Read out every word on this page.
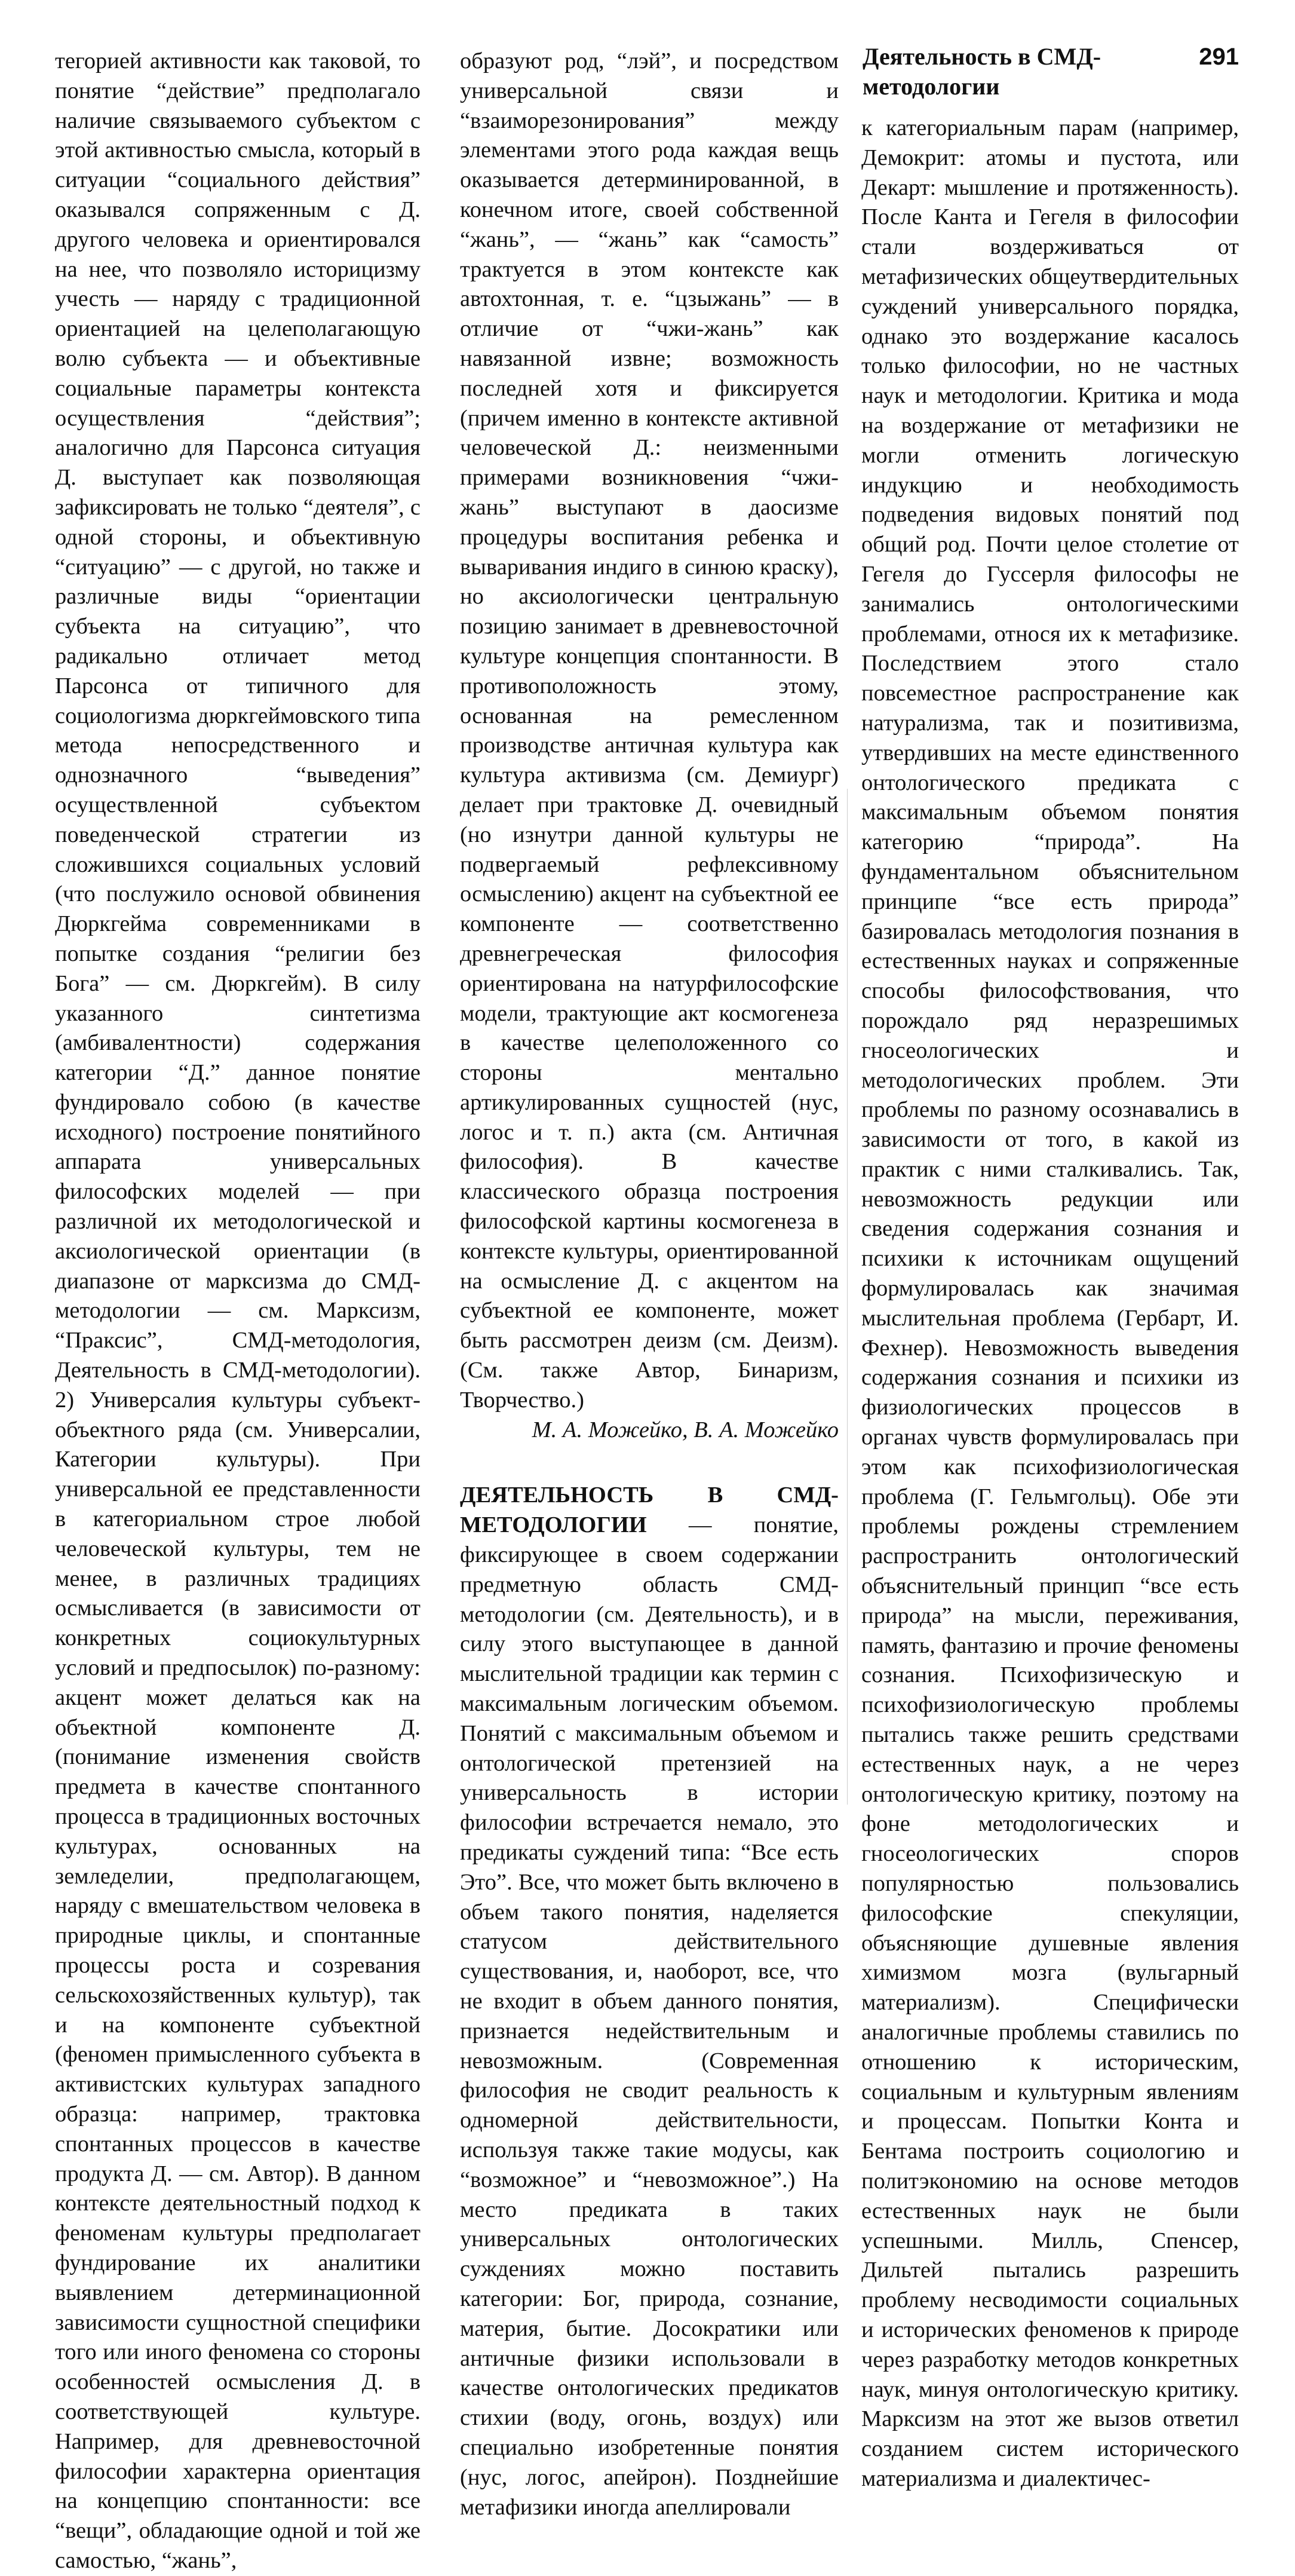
Деятельность в СМД-методологии
291

тегорией активности как таковой, то понятие “действие” предполагало наличие связываемого субъектом с этой активностью смысла, который в ситуации “социального действия” оказывался сопряженным с Д. другого человека и ориентировался на нее, что позволяло историцизму учесть — наряду с традиционной ориентацией на целеполагающую волю субъекта — и объективные социальные параметры контекста осуществления “действия”; аналогично для Парсонса ситуация Д. выступает как позволяющая зафиксировать не только “деятеля”, с одной стороны, и объективную “ситуацию” — с другой, но также и различные виды “ориентации субъекта на ситуацию”, что радикально отличает метод Парсонса от типичного для социологизма дюркгеймовского типа метода непосредственного и однозначного “выведения” осуществленной субъектом поведенческой стратегии из сложившихся социальных условий (что послужило основой обвинения Дюркгейма современниками в попытке создания “религии без Бога” — см. Дюркгейм). В силу указанного синтетизма (амбивалентности) содержания категории “Д.” данное понятие фундировало собою (в качестве исходного) построение понятийного аппарата универсальных философских моделей — при различной их методологической и аксиологической ориентации (в диапазоне от марксизма до СМД-методологии — см. Марксизм, “Праксис”, СМД-методология, Деятельность в СМД-методологии). 2) Универсалия культуры субъект-объектного ряда (см. Универсалии, Категории культуры). При универсальной ее представленности в категориальном строе любой человеческой культуры, тем не менее, в различных традициях осмысливается (в зависимости от конкретных социокультурных условий и предпосылок) по-разному: акцент может делаться как на объектной компоненте Д. (понимание изменения свойств предмета в качестве спонтанного процесса в традиционных восточных культурах, основанных на земледелии, предполагающем, наряду с вмешательством человека в природные циклы, и спонтанные процессы роста и созревания сельскохозяйственных культур), так и на компоненте субъектной (феномен примысленного субъекта в активистских культурах западного образца: например, трактовка спонтанных процессов в качестве продукта Д. — см. Автор). В данном контексте деятельностный подход к феноменам культуры предполагает фундирование их аналитики выявлением детерминационной зависимости сущностной специфики того или иного феномена со стороны особенностей осмысления Д. в соответствующей культуре. Например, для древневосточной философии характерна ориентация на концепцию спонтанности: все “вещи”, обладающие одной и той же самостью, “жань”,

образуют род, “лэй”, и посредством универсальной связи и “взаиморезонирования” между элементами этого рода каждая вещь оказывается детерминированной, в конечном итоге, своей собственной “жань”, — “жань” как “самость” трактуется в этом контексте как автохтонная, т. е. “цзыжань” — в отличие от “чжи-жань” как навязанной извне; возможность последней хотя и фиксируется (причем именно в контексте активной человеческой Д.: неизменными примерами возникновения “чжи-жань” выступают в даосизме процедуры воспитания ребенка и вываривания индиго в синюю краску), но аксиологически центральную позицию занимает в древневосточной культуре концепция спонтанности. В противоположность этому, основанная на ремесленном производстве античная культура как культура активизма (см. Демиург) делает при трактовке Д. очевидный (но изнутри данной культуры не подвергаемый рефлексивному осмыслению) акцент на субъектной ее компоненте — соответственно древнегреческая философия ориентирована на натурфилософские модели, трактующие акт космогенеза в качестве целеположенного со стороны ментально артикулированных сущностей (нус, логос и т. п.) акта (см. Античная философия). В качестве классического образца построения философской картины космогенеза в контексте культуры, ориентированной на осмысление Д. с акцентом на субъектной ее компоненте, может быть рассмотрен деизм (см. Деизм). (См. также Автор, Бинаризм, Творчество.)

М. А. Можейко, В. А. Можейко

ДЕЯТЕЛЬНОСТЬ В СМД-МЕТОДОЛОГИИ — понятие, фиксирующее в своем содержании предметную область СМД-методологии (см. Деятельность), и в силу этого выступающее в данной мыслительной традиции как термин с максимальным логическим объемом. Понятий с максимальным объемом и онтологической претензией на универсальность в истории философии встречается немало, это предикаты суждений типа: “Все есть Это”. Все, что может быть включено в объем такого понятия, наделяется статусом действительного существования, и, наоборот, все, что не входит в объем данного понятия, признается недействительным и невозможным. (Современная философия не сводит реальность к одномерной действительности, используя также такие модусы, как “возможное” и “невозможное”.) На место предиката в таких универсальных онтологических суждениях можно поставить категории: Бог, природа, сознание, материя, бытие. Досократики или античные физики использовали в качестве онтологических предикатов стихии (воду, огонь, воздух) или специально изобретенные понятия (нус, логос, апейрон). Позднейшие метафизики иногда апеллировали

к категориальным парам (например, Демокрит: атомы и пустота, или Декарт: мышление и протяженность). После Канта и Гегеля в философии стали воздерживаться от метафизических общеутвердительных суждений универсального порядка, однако это воздержание касалось только философии, но не частных наук и методологии. Критика и мода на воздержание от метафизики не могли отменить логическую индукцию и необходимость подведения видовых понятий под общий род. Почти целое столетие от Гегеля до Гуссерля философы не занимались онтологическими проблемами, относя их к метафизике. Последствием этого стало повсеместное распространение как натурализма, так и позитивизма, утвердивших на месте единственного онтологического предиката с максимальным объемом понятия категорию “природа”. На фундаментальном объяснительном принципе “все есть природа” базировалась методология познания в естественных науках и сопряженные способы философствования, что порождало ряд неразрешимых гносеологических и методологических проблем. Эти проблемы по разному осознавались в зависимости от того, в какой из практик с ними сталкивались. Так, невозможность редукции или сведения содержания сознания и психики к источникам ощущений формулировалась как значимая мыслительная проблема (Гербарт, И. Фехнер). Невозможность выведения содержания сознания и психики из физиологических процессов в органах чувств формулировалась при этом как психофизиологическая проблема (Г. Гельмгольц). Обе эти проблемы рождены стремлением распространить онтологический объяснительный принцип “все есть природа” на мысли, переживания, память, фантазию и прочие феномены сознания. Психофизическую и психофизиологическую проблемы пытались также решить средствами естественных наук, а не через онтологическую критику, поэтому на фоне методологических и гносеологических споров популярностью пользовались философские спекуляции, объясняющие душевные явления химизмом мозга (вульгарный материализм). Специфически аналогичные проблемы ставились по отношению к историческим, социальным и культурным явлениям и процессам. Попытки Конта и Бентама построить социологию и политэкономию на основе методов естественных наук не были успешными. Милль, Спенсер, Дильтей пытались разрешить проблему несводимости социальных и исторических феноменов к природе через разработку методов конкретных наук, минуя онтологическую критику. Марксизм на этот же вызов ответил созданием систем исторического материализма и диалектичес-
